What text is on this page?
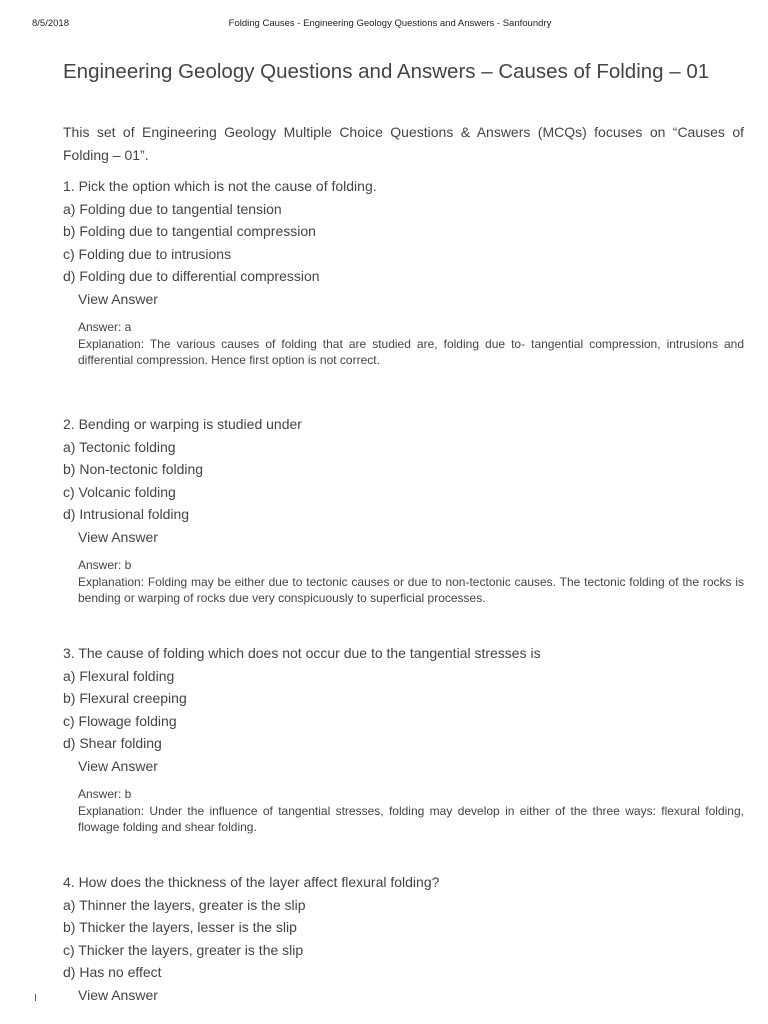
8/5/2018	Folding Causes - Engineering Geology Questions and Answers - Sanfoundry
Engineering Geology Questions and Answers – Causes of Folding – 01

This set of Engineering Geology Multiple Choice Questions & Answers (MCQs) focuses on “Causes of Folding – 01”.

1. Pick the option which is not the cause of folding.
a) Folding due to tangential tension
b) Folding due to tangential compression
c) Folding due to intrusions
d) Folding due to differential compression
View Answer
Answer: a
Explanation: The various causes of folding that are studied are, folding due to- tangential compression, intrusions and differential compression. Hence first option is not correct.
2. Bending or warping is studied under
a) Tectonic folding
b) Non-tectonic folding
c) Volcanic folding
d) Intrusional folding
View Answer
Answer: b
Explanation: Folding may be either due to tectonic causes or due to non-tectonic causes. The tectonic folding of the rocks is bending or warping of rocks due very conspicuously to superficial processes.
3. The cause of folding which does not occur due to the tangential stresses is
a) Flexural folding
b) Flexural creeping
c) Flowage folding
d) Shear folding
View Answer
Answer: b
Explanation: Under the influence of tangential stresses, folding may develop in either of the three ways: flexural folding, flowage folding and shear folding.
4. How does the thickness of the layer affect flexural folding?
a) Thinner the layers, greater is the slip
b) Thicker the layers, lesser is the slip
c) Thicker the layers, greater is the slip
d) Has no effect
View Answer
